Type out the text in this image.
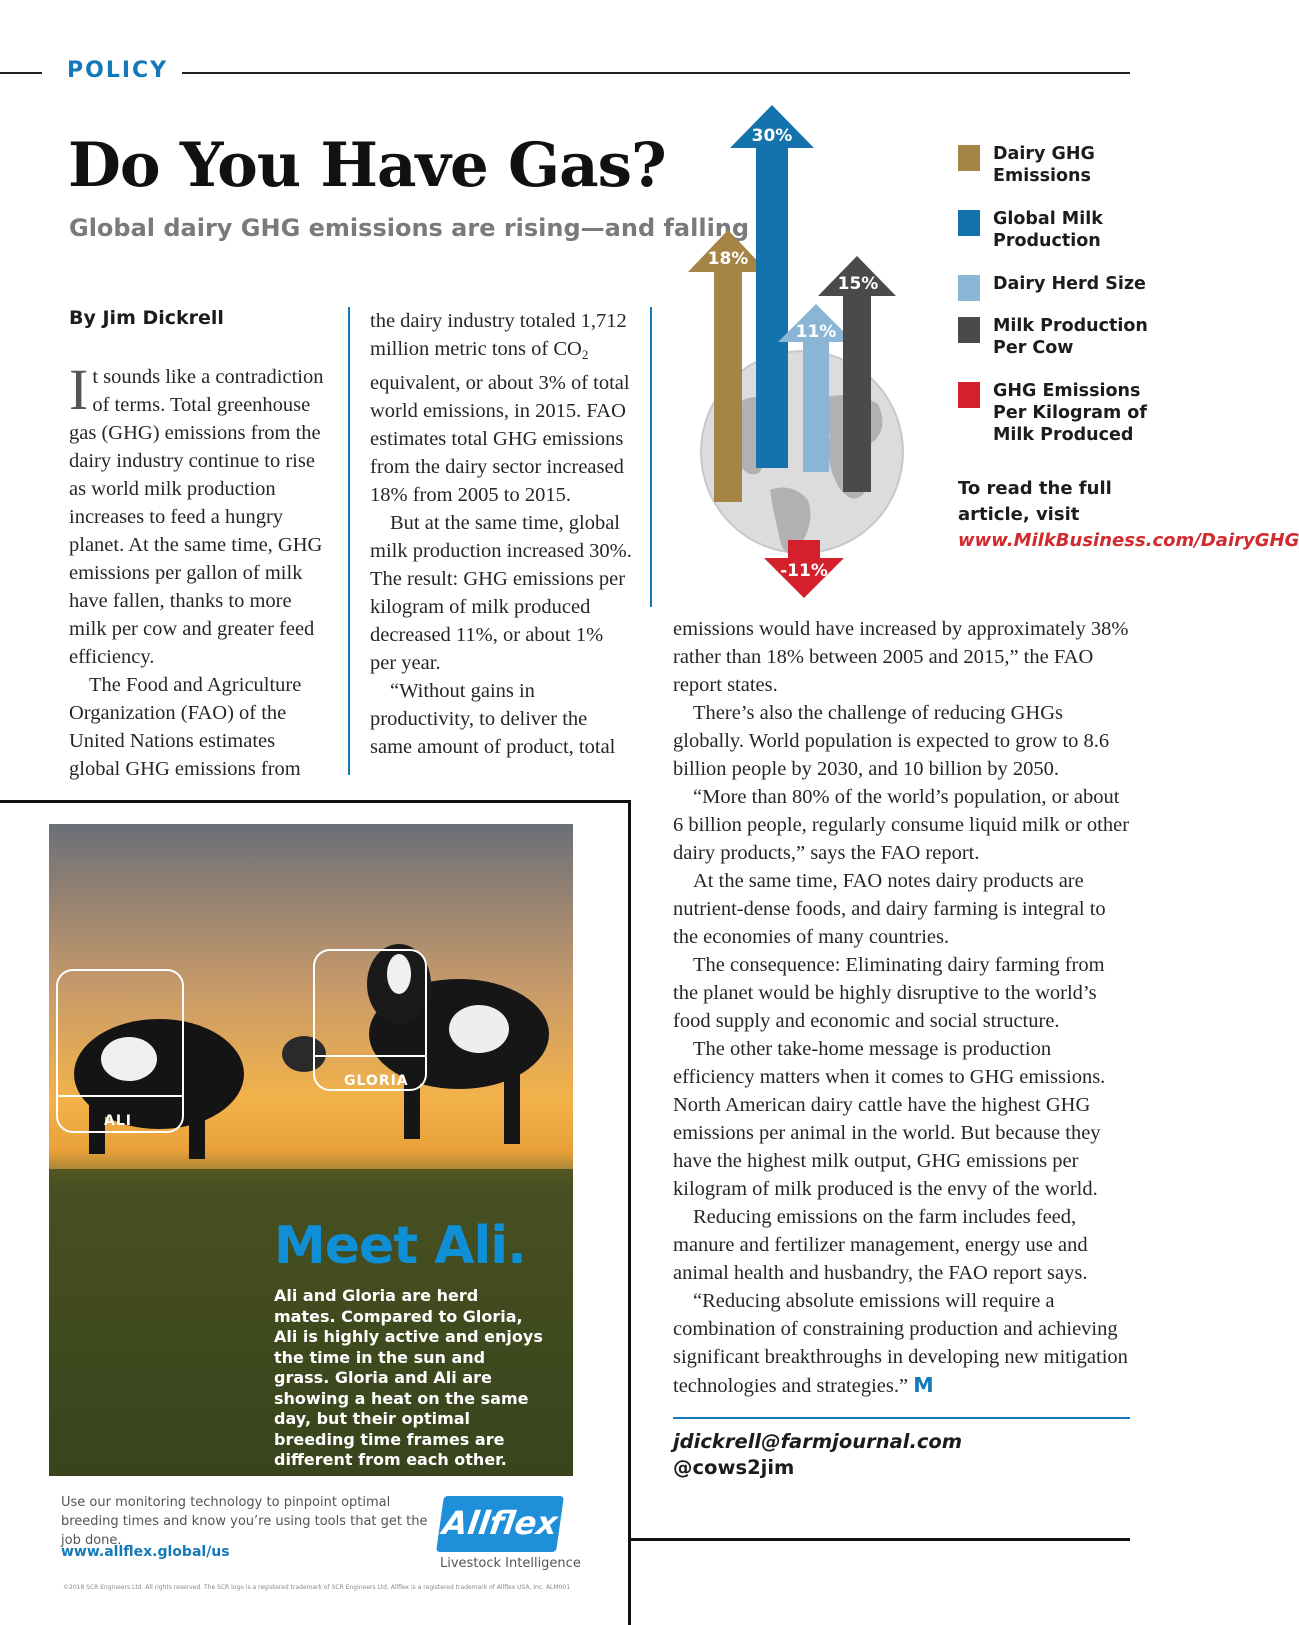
POLICY
Do You Have Gas?
Global dairy GHG emissions are rising—and falling
18%
30%
11%
15%
-11%
Dairy GHG
Emissions
Global Milk
Production
Dairy Herd Size
Milk Production
Per Cow
GHG Emissions
Per Kilogram of
Milk Produced
To read the full article, visit www.MilkBusiness.com/DairyGHG
By Jim Dickrell

It sounds like a contradiction of terms. Total greenhouse gas (GHG) emissions from the dairy industry continue to rise as world milk production increases to feed a hungry planet. At the same time, GHG emissions per gallon of milk have fallen, thanks to more milk per cow and greater feed efficiency.

The Food and Agriculture Organization (FAO) of the United Nations estimates global GHG emissions from

the dairy industry totaled 1,712 million metric tons of CO2 equivalent, or about 3% of total world emissions, in 2015. FAO estimates total GHG emissions from the dairy sector increased 18% from 2005 to 2015.

But at the same time, global milk production increased 30%. The result: GHG emissions per kilogram of milk produced decreased 11%, or about 1% per year.

“Without gains in productivity, to deliver the same amount of product, total

emissions would have increased by approximately 38% rather than 18% between 2005 and 2015,” the FAO report states.

There’s also the challenge of reducing GHGs globally. World population is expected to grow to 8.6 billion people by 2030, and 10 billion by 2050.

“More than 80% of the world’s population, or about 6 billion people, regularly consume liquid milk or other dairy products,” says the FAO report.

At the same time, FAO notes dairy products are nutrient-dense foods, and dairy farming is integral to the economies of many countries.

The consequence: Eliminating dairy farming from the planet would be highly disruptive to the world’s food supply and economic and social structure.

The other take-home message is production efficiency matters when it comes to GHG emissions. North American dairy cattle have the highest GHG emissions per animal in the world. But because they have the highest milk output, GHG emissions per kilogram of milk produced is the envy of the world.

Reducing emissions on the farm includes feed, manure and fertilizer management, energy use and animal health and husbandry, the FAO report says.

“Reducing absolute emissions will require a combination of constraining production and achieving significant breakthroughs in developing new mitigation technologies and strategies.” M

jdickrell@farmjournal.com
@cows2jim
ALI
GLORIA
Meet Ali.
Ali and Gloria are herd mates. Compared to Gloria, Ali is highly active and enjoys the time in the sun and grass. Gloria and Ali are showing a heat on the same day, but their optimal breeding time frames are different from each other.
Use our monitoring technology to pinpoint optimal breeding times and know you’re using tools that get the job done.
www.allflex.global/us
Allflex
Livestock Intelligence
©2018 SCR Engineers Ltd. All rights reserved. The SCR logo is a registered trademark of SCR Engineers Ltd. Allflex is a registered trademark of Allflex USA, Inc. ALM001
